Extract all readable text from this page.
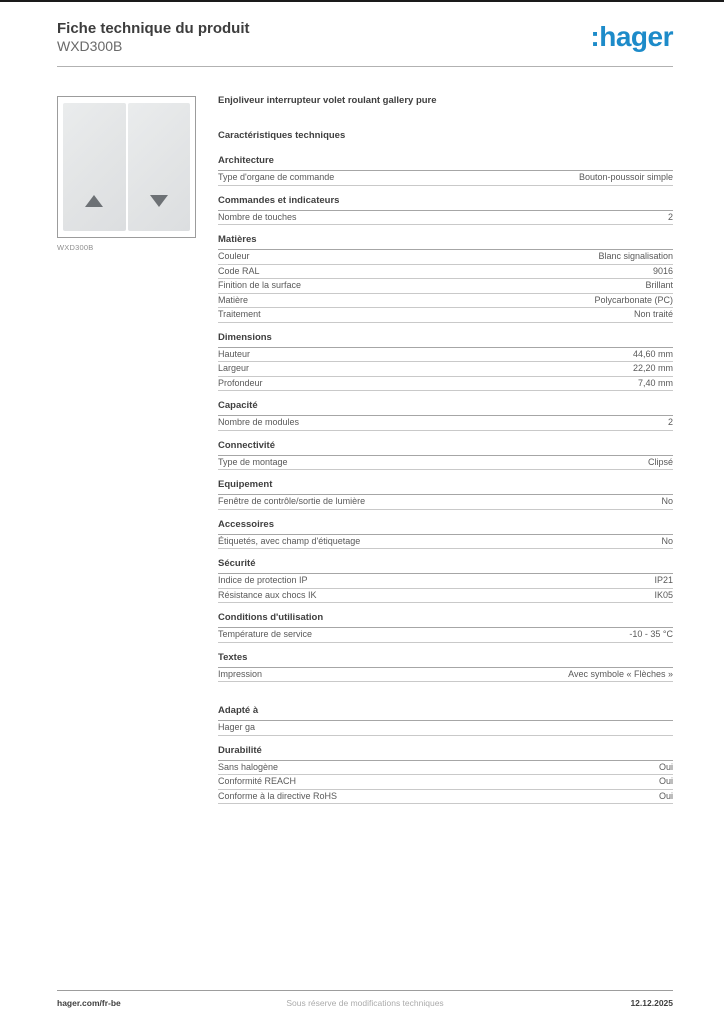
Fiche technique du produit
WXD300B	:hager
WXD300B
Enjoliveur interrupteur volet roulant gallery pure
Caractéristiques techniques
Architecture
Type d'organe de commande	Bouton-poussoir simple
Commandes et indicateurs
Nombre de touches	2
Matières
Couleur	Blanc signalisation
Code RAL	9016
Finition de la surface	Brillant
Matière	Polycarbonate (PC)
Traitement	Non traité
Dimensions
Hauteur	44,60 mm
Largeur	22,20 mm
Profondeur	7,40 mm
Capacité
Nombre de modules	2
Connectivité
Type de montage	Clipsé
Equipement
Fenêtre de contrôle/sortie de lumière	No
Accessoires
Étiquetés, avec champ d'étiquetage	No
Sécurité
Indice de protection IP	IP21
Résistance aux chocs IK	IK05
Conditions d'utilisation
Température de service	-10 - 35 °C
Textes
Impression	Avec symbole « Flèches »
Adapté à
Hager ga
Durabilité
Sans halogène	Oui
Conformité REACH	Oui
Conforme à la directive RoHS	Oui
hager.com/fr-be	Sous réserve de modifications techniques	12.12.2025
